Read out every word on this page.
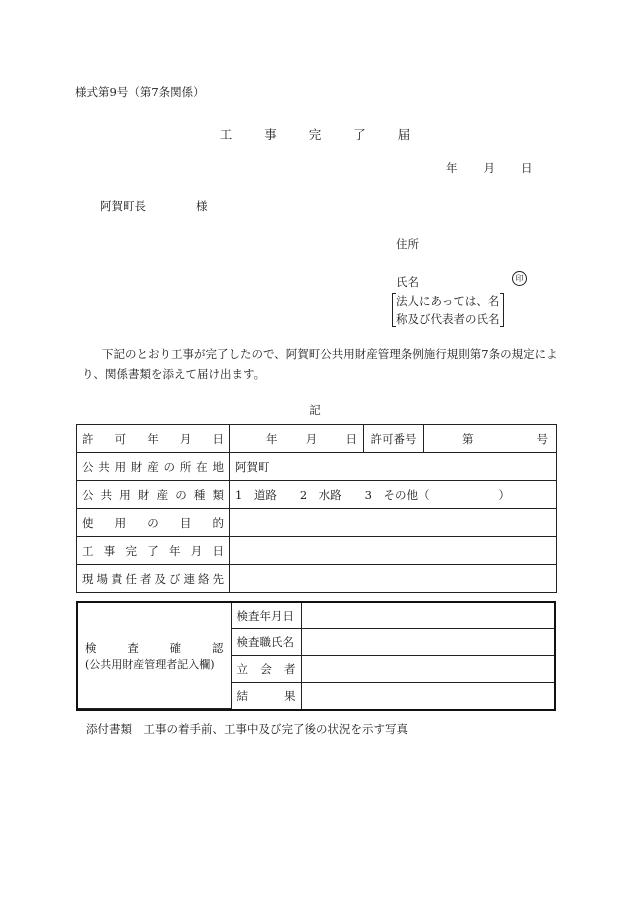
様式第9号（第7条関係）
工	事	完	了	届
年 月 日
阿賀町長	様
住所
氏名	印
法人にあっては、名
称及び代表者の氏名
下記のとおり工事が完了したので、阿賀町公共用財産管理条例施行規則第7条の規定により、関係書類を添えて届け出ます。
記
許可年月日	年 月 日	許可番号	第 号

公共用財産の所在地	阿賀町		
公共用財産の種類	1　道路　　2　水路　　3　その他（　　　　　　）		
使用の目的			
工事完了年月日			
現場責任者及び連絡先			
検査確認
(公共用財産管理者記入欄)	検査年月日	
	検査職氏名	
	立会者	
	結果	
添付書類　工事の着手前、工事中及び完了後の状況を示す写真
